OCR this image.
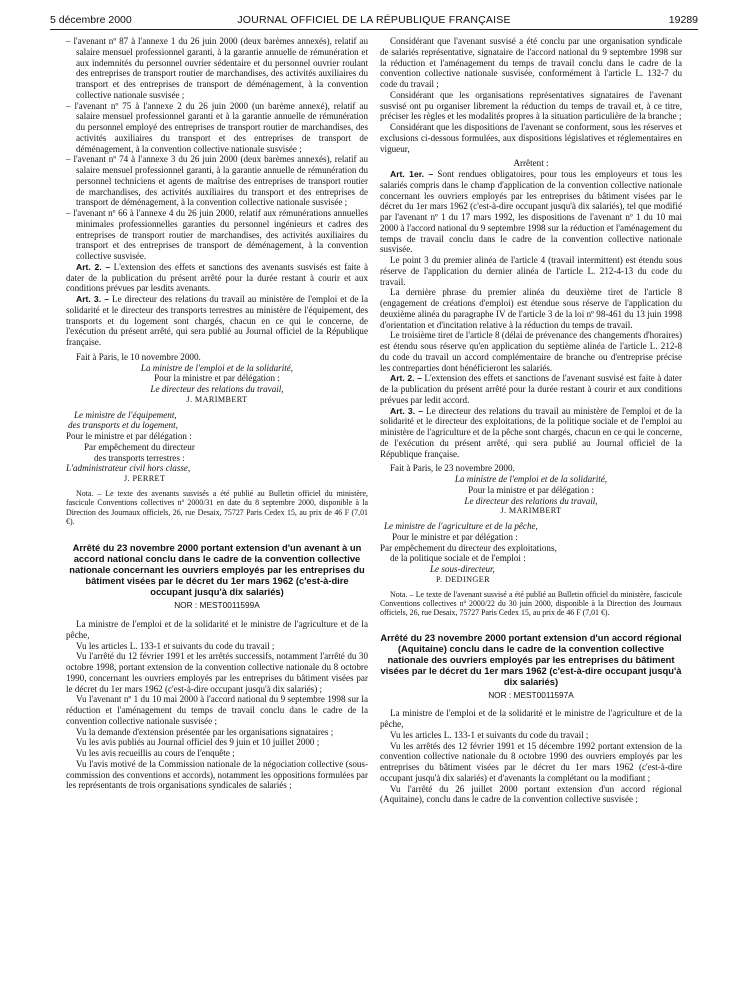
5 décembre 2000	JOURNAL OFFICIEL DE LA RÉPUBLIQUE FRANÇAISE	19289

– l'avenant nº 87 à l'annexe 1 du 26 juin 2000 (deux barèmes annexés), relatif au salaire mensuel professionnel garanti, à la garantie annuelle de rémunération et aux indemnités du personnel ouvrier sédentaire et du personnel ouvrier roulant des entreprises de transport routier de marchandises, des activités auxiliaires du transport et des entreprises de transport de déménagement, à la convention collective nationale susvisée ;

– l'avenant nº 75 à l'annexe 2 du 26 juin 2000 (un barème annexé), relatif au salaire mensuel professionnel garanti et à la garantie annuelle de rémunération du personnel employé des entreprises de transport routier de marchandises, des activités auxiliaires du transport et des entreprises de transport de déménagement, à la convention collective nationale susvisée ;

– l'avenant nº 74 à l'annexe 3 du 26 juin 2000 (deux barèmes annexés), relatif au salaire mensuel professionnel garanti, à la garantie annuelle de rémunération du personnel techniciens et agents de maîtrise des entreprises de transport routier de marchandises, des activités auxiliaires du transport et des entreprises de transport de déménagement, à la convention collective nationale susvisée ;

– l'avenant nº 66 à l'annexe 4 du 26 juin 2000, relatif aux rémunérations annuelles minimales professionnelles garanties du personnel ingénieurs et cadres des entreprises de transport routier de marchandises, des activités auxiliaires du transport et des entreprises de transport de déménagement, à la convention collective susvisée.

Art. 2. – L'extension des effets et sanctions des avenants susvisés est faite à dater de la publication du présent arrêté pour la durée restant à courir et aux conditions prévues par lesdits avenants.

Art. 3. – Le directeur des relations du travail au ministère de l'emploi et de la solidarité et le directeur des transports terrestres au ministère de l'équipement, des transports et du logement sont chargés, chacun en ce qui le concerne, de l'exécution du présent arrêté, qui sera publié au Journal officiel de la République française.

Fait à Paris, le 10 novembre 2000.

La ministre de l'emploi et de la solidarité,

Pour la ministre et par délégation :

Le directeur des relations du travail,

J. MARIMBERT

Le ministre de l'équipement,

des transports et du logement,

Pour le ministre et par délégation :

Par empêchement du directeur

des transports terrestres :

L'administrateur civil hors classe,

J. PERRET

Nota. – Le texte des avenants susvisés a été publié au Bulletin officiel du ministère, fascicule Conventions collectives nº 2000/31 en date du 8 septembre 2000, disponible à la Direction des Journaux officiels, 26, rue Desaix, 75727 Paris Cedex 15, au prix de 46 F (7,01 €).

Arrêté du 23 novembre 2000 portant extension d'un avenant à un accord national conclu dans le cadre de la convention collective nationale concernant les ouvriers employés par les entreprises du bâtiment visées par le décret du 1er mars 1962 (c'est-à-dire occupant jusqu'à dix salariés)

NOR : MEST0011599A

La ministre de l'emploi et de la solidarité et le ministre de l'agriculture et de la pêche,

Vu les articles L. 133-1 et suivants du code du travail ;

Vu l'arrêté du 12 février 1991 et les arrêtés successifs, notamment l'arrêté du 30 octobre 1998, portant extension de la convention collective nationale du 8 octobre 1990, concernant les ouvriers employés par les entreprises du bâtiment visées par le décret du 1er mars 1962 (c'est-à-dire occupant jusqu'à dix salariés) ;

Vu l'avenant nº 1 du 10 mai 2000 à l'accord national du 9 septembre 1998 sur la réduction et l'aménagement du temps de travail conclu dans le cadre de la convention collective nationale susvisée ;

Vu la demande d'extension présentée par les organisations signataires ;

Vu les avis publiés au Journal officiel des 9 juin et 10 juillet 2000 ;

Vu les avis recueillis au cours de l'enquête ;

Vu l'avis motivé de la Commission nationale de la négociation collective (sous-commission des conventions et accords), notamment les oppositions formulées par les représentants de trois organisations syndicales de salariés ;

Considérant que l'avenant susvisé a été conclu par une organisation syndicale de salariés représentative, signataire de l'accord national du 9 septembre 1998 sur la réduction et l'aménagement du temps de travail conclu dans le cadre de la convention collective nationale susvisée, conformément à l'article L. 132-7 du code du travail ;

Considérant que les organisations représentatives signataires de l'avenant susvisé ont pu organiser librement la réduction du temps de travail et, à ce titre, préciser les règles et les modalités propres à la situation particulière de la branche ;

Considérant que les dispositions de l'avenant se conforment, sous les réserves et exclusions ci-dessous formulées, aux dispositions législatives et réglementaires en vigueur,

Arrêtent :

Art. 1er. – Sont rendues obligatoires, pour tous les employeurs et tous les salariés compris dans le champ d'application de la convention collective nationale concernant les ouvriers employés par les entreprises du bâtiment visées par le décret du 1er mars 1962 (c'est-à-dire occupant jusqu'à dix salariés), tel que modifié par l'avenant nº 1 du 17 mars 1992, les dispositions de l'avenant nº 1 du 10 mai 2000 à l'accord national du 9 septembre 1998 sur la réduction et l'aménagement du temps de travail conclu dans le cadre de la convention collective nationale susvisée.

Le point 3 du premier alinéa de l'article 4 (travail intermittent) est étendu sous réserve de l'application du dernier alinéa de l'article L. 212-4-13 du code du travail.

La dernière phrase du premier alinéa du deuxième tiret de l'article 8 (engagement de créations d'emploi) est étendue sous réserve de l'application du deuxième alinéa du paragraphe IV de l'article 3 de la loi nº 98-461 du 13 juin 1998 d'orientation et d'incitation relative à la réduction du temps de travail.

Le troisième tiret de l'article 8 (délai de prévenance des changements d'horaires) est étendu sous réserve qu'en application du septième alinéa de l'article L. 212-8 du code du travail un accord complémentaire de branche ou d'entreprise précise les contreparties dont bénéficieront les salariés.

Art. 2. – L'extension des effets et sanctions de l'avenant susvisé est faite à dater de la publication du présent arrêté pour la durée restant à courir et aux conditions prévues par ledit accord.

Art. 3. – Le directeur des relations du travail au ministère de l'emploi et de la solidarité et le directeur des exploitations, de la politique sociale et de l'emploi au ministère de l'agriculture et de la pêche sont chargés, chacun en ce qui le concerne, de l'exécution du présent arrêté, qui sera publié au Journal officiel de la République française.

Fait à Paris, le 23 novembre 2000.

La ministre de l'emploi et de la solidarité,

Pour la ministre et par délégation :

Le directeur des relations du travail,

J. MARIMBERT

Le ministre de l'agriculture et de la pêche,

Pour le ministre et par délégation :

Par empêchement du directeur des exploitations,

de la politique sociale et de l'emploi :

Le sous-directeur,

P. DEDINGER

Nota. – Le texte de l'avenant susvisé a été publié au Bulletin officiel du ministère, fascicule Conventions collectives nº 2000/22 du 30 juin 2000, disponible à la Direction des Journaux officiels, 26, rue Desaix, 75727 Paris Cedex 15, au prix de 46 F (7,01 €).

Arrêté du 23 novembre 2000 portant extension d'un accord régional (Aquitaine) conclu dans le cadre de la convention collective nationale des ouvriers employés par les entreprises du bâtiment visées par le décret du 1er mars 1962 (c'est-à-dire occupant jusqu'à dix salariés)

NOR : MEST0011597A

La ministre de l'emploi et de la solidarité et le ministre de l'agriculture et de la pêche,

Vu les articles L. 133-1 et suivants du code du travail ;

Vu les arrêtés des 12 février 1991 et 15 décembre 1992 portant extension de la convention collective nationale du 8 octobre 1990 des ouvriers employés par les entreprises du bâtiment visées par le décret du 1er mars 1962 (c'est-à-dire occupant jusqu'à dix salariés) et d'avenants la complétant ou la modifiant ;

Vu l'arrêté du 26 juillet 2000 portant extension d'un accord régional (Aquitaine), conclu dans le cadre de la convention collective susvisée ;
